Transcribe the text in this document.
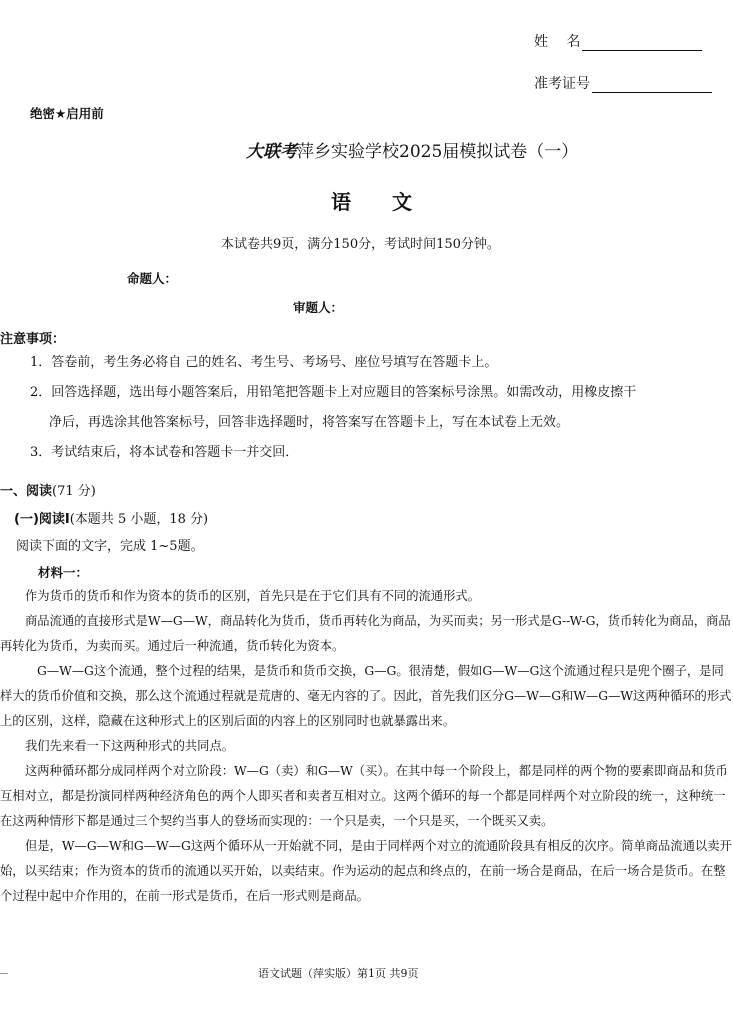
姓　 名
准考证号
绝密★启用前
大联考萍乡实验学校2025届模拟试卷（一）
语 文
本试卷共9页，满分150分，考试时间150分钟。
命题人：
审题人：
注意事项：
1．答卷前，考生务必将自 己的姓名、考生号、考场号、座位号填写在答题卡上。
2．回答选择题，选出每小题答案后，用铅笔把答题卡上对应题目的答案标号涂黑。如需改动，用橡皮擦干
净后，再选涂其他答案标号，回答非选择题时，将答案写在答题卡上，写在本试卷上无效。
3．考试结束后，将本试卷和答题卡一并交回．
一、阅读(71 分)
(一)阅读Ⅰ(本题共 5 小题，18 分)
阅读下面的文字，完成 1~5题。
材料一：

作为货币的货币和作为资本的货币的区别，首先只是在于它们具有不同的流通形式。

商品流通的直接形式是W—G—W，商品转化为货币，货币再转化为商品，为买而卖；另一形式是G--W-G，货币转化为商品，商品再转化为货币，为卖而买。通过后一种流通，货币转化为资本。

G—W—G这个流通，整个过程的结果，是货币和货币交换，G—G。很清楚，假如G—W—G这个流通过程只是兜个圈子，是同样大的货币价值和交换，那么这个流通过程就是荒唐的、毫无内容的了。因此，首先我们区分G—W—G和W—G—W这两种循环的形式上的区别，这样，隐藏在这种形式上的区别后面的内容上的区别同时也就暴露出来。

我们先来看一下这两种形式的共同点。

这两种循环都分成同样两个对立阶段：W—G（卖）和G—W（买）。在其中每一个阶段上，都是同样的两个物的要素即商品和货币互相对立，都是扮演同样两种经济角色的两个人即买者和卖者互相对立。这两个循环的每一个都是同样两个对立阶段的统一，这种统一在这两种情形下都是通过三个契约当事人的登场而实现的：一个只是卖，一个只是买，一个既买又卖。

但是，W—G—W和G—W—G这两个循环从一开始就不同，是由于同样两个对立的流通阶段具有相反的次序。简单商品流通以卖开始，以买结束；作为资本的货币的流通以买开始，以卖结束。作为运动的起点和终点的，在前一场合是商品，在后一场合是货币。在整个过程中起中介作用的，在前一形式是货币，在后一形式则是商品。

语文试题（萍实版）第1页 共9页
